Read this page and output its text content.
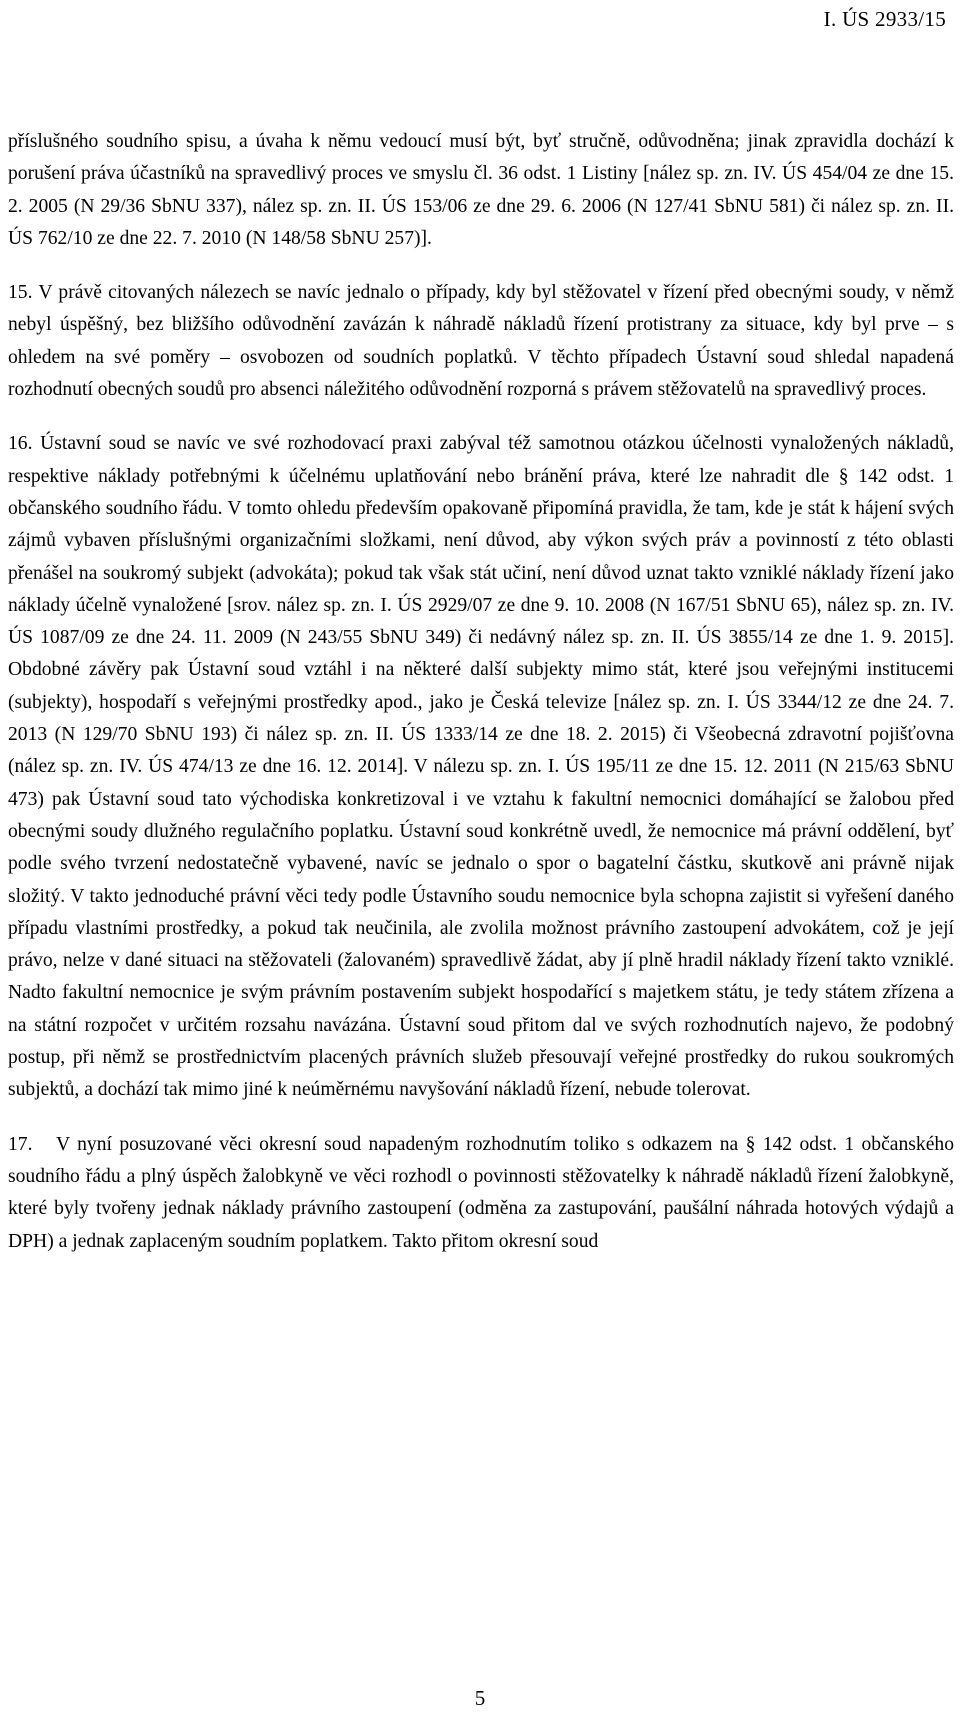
I. ÚS 2933/15

příslušného soudního spisu, a úvaha k němu vedoucí musí být, byť stručně, odůvodněna; jinak zpravidla dochází k porušení práva účastníků na spravedlivý proces ve smyslu čl. 36 odst. 1 Listiny [nález sp. zn. IV. ÚS 454/04 ze dne 15. 2. 2005 (N 29/36 SbNU 337), nález sp. zn. II. ÚS 153/06 ze dne 29. 6. 2006 (N 127/41 SbNU 581) či nález sp. zn. II. ÚS 762/10 ze dne 22. 7. 2010 (N 148/58 SbNU 257)].

15. V právě citovaných nálezech se navíc jednalo o případy, kdy byl stěžovatel v řízení před obecnými soudy, v němž nebyl úspěšný, bez bližšího odůvodnění zavázán k náhradě nákladů řízení protistrany za situace, kdy byl prve – s ohledem na své poměry – osvobozen od soudních poplatků. V těchto případech Ústavní soud shledal napadená rozhodnutí obecných soudů pro absenci náležitého odůvodnění rozporná s právem stěžovatelů na spravedlivý proces.

16. Ústavní soud se navíc ve své rozhodovací praxi zabýval též samotnou otázkou účelnosti vynaložených nákladů, respektive náklady potřebnými k účelnému uplatňování nebo bránění práva, které lze nahradit dle § 142 odst. 1 občanského soudního řádu. V tomto ohledu především opakovaně připomíná pravidla, že tam, kde je stát k hájení svých zájmů vybaven příslušnými organizačními složkami, není důvod, aby výkon svých práv a povinností z této oblasti přenášel na soukromý subjekt (advokáta); pokud tak však stát učiní, není důvod uznat takto vzniklé náklady řízení jako náklady účelně vynaložené [srov. nález sp. zn. I. ÚS 2929/07 ze dne 9. 10. 2008 (N 167/51 SbNU 65), nález sp. zn. IV. ÚS 1087/09 ze dne 24. 11. 2009 (N 243/55 SbNU 349) či nedávný nález sp. zn. II. ÚS 3855/14 ze dne 1. 9. 2015]. Obdobné závěry pak Ústavní soud vztáhl i na některé další subjekty mimo stát, které jsou veřejnými institucemi (subjekty), hospodaří s veřejnými prostředky apod., jako je Česká televize [nález sp. zn. I. ÚS 3344/12 ze dne 24. 7. 2013 (N 129/70 SbNU 193) či nález sp. zn. II. ÚS 1333/14 ze dne 18. 2. 2015) či Všeobecná zdravotní pojišťovna (nález sp. zn. IV. ÚS 474/13 ze dne 16. 12. 2014]. V nálezu sp. zn. I. ÚS 195/11 ze dne 15. 12. 2011 (N 215/63 SbNU 473) pak Ústavní soud tato východiska konkretizoval i ve vztahu k fakultní nemocnici domáhající se žalobou před obecnými soudy dlužného regulačního poplatku. Ústavní soud konkrétně uvedl, že nemocnice má právní oddělení, byť podle svého tvrzení nedostatečně vybavené, navíc se jednalo o spor o bagatelní částku, skutkově ani právně nijak složitý. V takto jednoduché právní věci tedy podle Ústavního soudu nemocnice byla schopna zajistit si vyřešení daného případu vlastními prostředky, a pokud tak neučinila, ale zvolila možnost právního zastoupení advokátem, což je její právo, nelze v dané situaci na stěžovateli (žalovaném) spravedlivě žádat, aby jí plně hradil náklady řízení takto vzniklé. Nadto fakultní nemocnice je svým právním postavením subjekt hospodařící s majetkem státu, je tedy státem zřízena a na státní rozpočet v určitém rozsahu navázána. Ústavní soud přitom dal ve svých rozhodnutích najevo, že podobný postup, při němž se prostřednictvím placených právních služeb přesouvají veřejné prostředky do rukou soukromých subjektů, a dochází tak mimo jiné k neúměrnému navyšování nákladů řízení, nebude tolerovat.

17. V nyní posuzované věci okresní soud napadeným rozhodnutím toliko s odkazem na § 142 odst. 1 občanského soudního řádu a plný úspěch žalobkyně ve věci rozhodl o povinnosti stěžovatelky k náhradě nákladů řízení žalobkyně, které byly tvořeny jednak náklady právního zastoupení (odměna za zastupování, paušální náhrada hotových výdajů a DPH) a jednak zaplaceným soudním poplatkem. Takto přitom okresní soud

5
